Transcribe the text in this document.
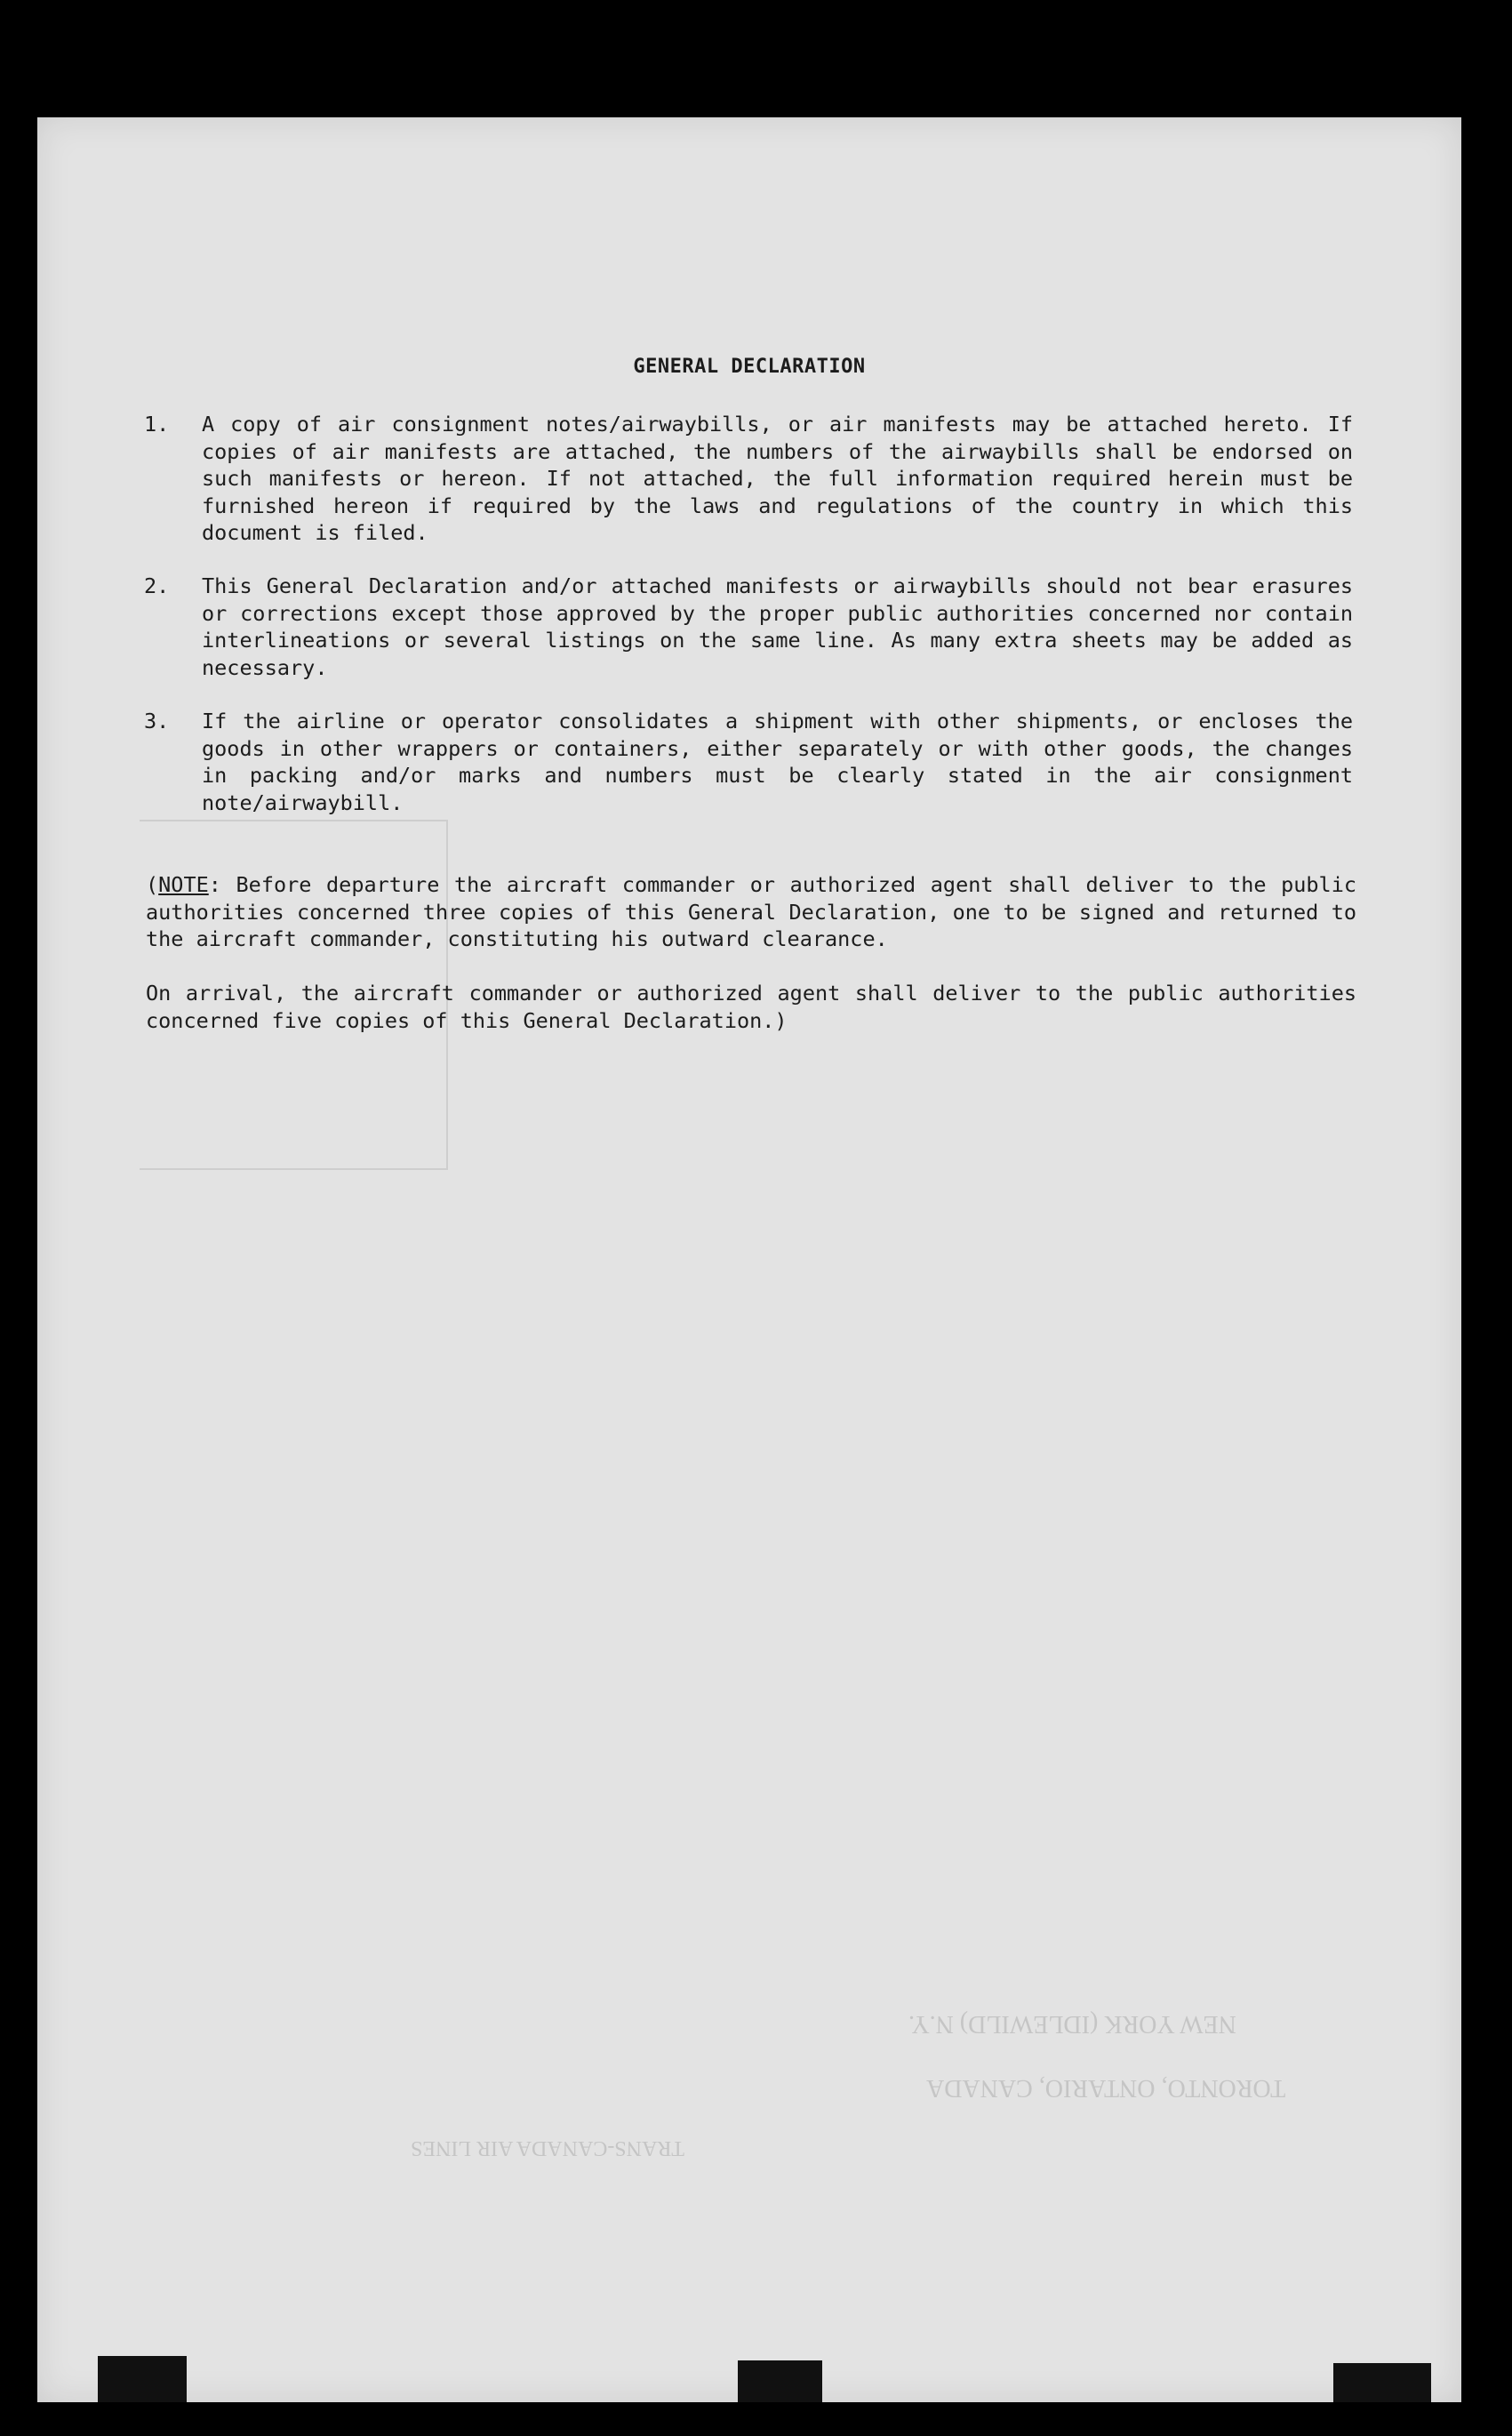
NEW YORK (IDLEWILD) N.Y.
TORONTO, ONTARIO, CANADA
TRANS-CANADA AIR LINES
GENERAL DECLARATION
1.	A copy of air consignment notes/airwaybills, or air manifests may be attached hereto. If copies of air manifests are attached, the numbers of the airwaybills shall be endorsed on such manifests or hereon. If not attached, the full information required herein must be furnished hereon if required by the laws and regulations of the country in which this document is filed.
2.	This General Declaration and/or attached manifests or airwaybills should not bear erasures or corrections except those approved by the proper public authorities concerned nor contain interlineations or several listings on the same line. As many extra sheets may be added as necessary.
3.	If the airline or operator consolidates a shipment with other shipments, or encloses the goods in other wrappers or containers, either separately or with other goods, the changes in packing and/or marks and numbers must be clearly stated in the air consignment note/airwaybill.
(NOTE: Before departure the aircraft commander or authorized agent shall deliver to the public authorities concerned three copies of this General Declaration, one to be signed and returned to the aircraft commander, constituting his outward clearance.
On arrival, the aircraft commander or authorized agent shall deliver to the public authorities concerned five copies of this General Declaration.)
